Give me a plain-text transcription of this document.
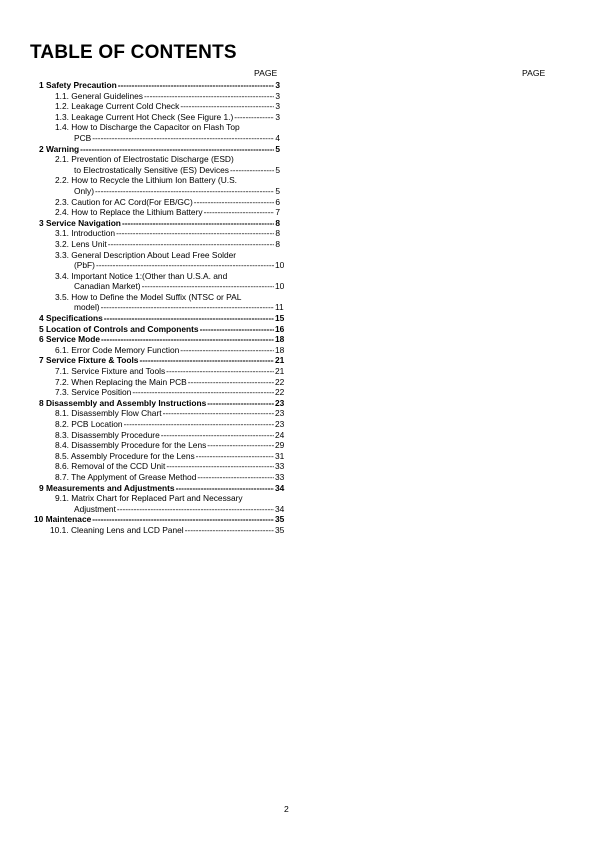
TABLE OF CONTENTS
PAGE	PAGE
1 Safety Precaution -----	3
1.1. General Guidelines -----	3
1.2. Leakage Current Cold Check -----	3
1.3. Leakage Current Hot Check (See Figure 1.) -----	3
1.4. How to Discharge the Capacitor on Flash Top
PCB -----	4
2 Warning -----	5
2.1. Prevention of Electrostatic Discharge (ESD)
to Electrostatically Sensitive (ES) Devices -----	5
2.2. How to Recycle the Lithium Ion Battery (U.S.
Only) -----	5
2.3. Caution for AC Cord(For EB/GC) -----	6
2.4. How to Replace the Lithium Battery -----	7
3 Service Navigation -----	8
3.1. Introduction -----	8
3.2. Lens Unit -----	8
3.3. General Description About Lead Free Solder
(PbF) -----	10
3.4. Important Notice 1:(Other than U.S.A. and
Canadian Market) -----	10
3.5. How to Define the Model Suffix (NTSC or PAL
model) -----	11
4 Specifications -----	15
5 Location of Controls and Components -----	16
6 Service Mode -----	18
6.1. Error Code Memory Function -----	18
7 Service Fixture & Tools -----	21
7.1. Service Fixture and Tools -----	21
7.2. When Replacing the Main PCB -----	22
7.3. Service Position -----	22
8 Disassembly and Assembly Instructions -----	23
8.1. Disassembly Flow Chart -----	23
8.2. PCB Location -----	23
8.3. Disassembly Procedure -----	24
8.4. Disassembly Procedure for the Lens -----	29
8.5. Assembly Procedure for the Lens -----	31
8.6. Removal of the CCD Unit -----	33
8.7. The Applyment of Grease Method -----	33
9 Measurements and Adjustments -----	34
9.1. Matrix Chart for Replaced Part and Necessary
Adjustment -----	34
10 Maintenace -----	35
10.1. Cleaning Lens and LCD Panel -----	35
2
